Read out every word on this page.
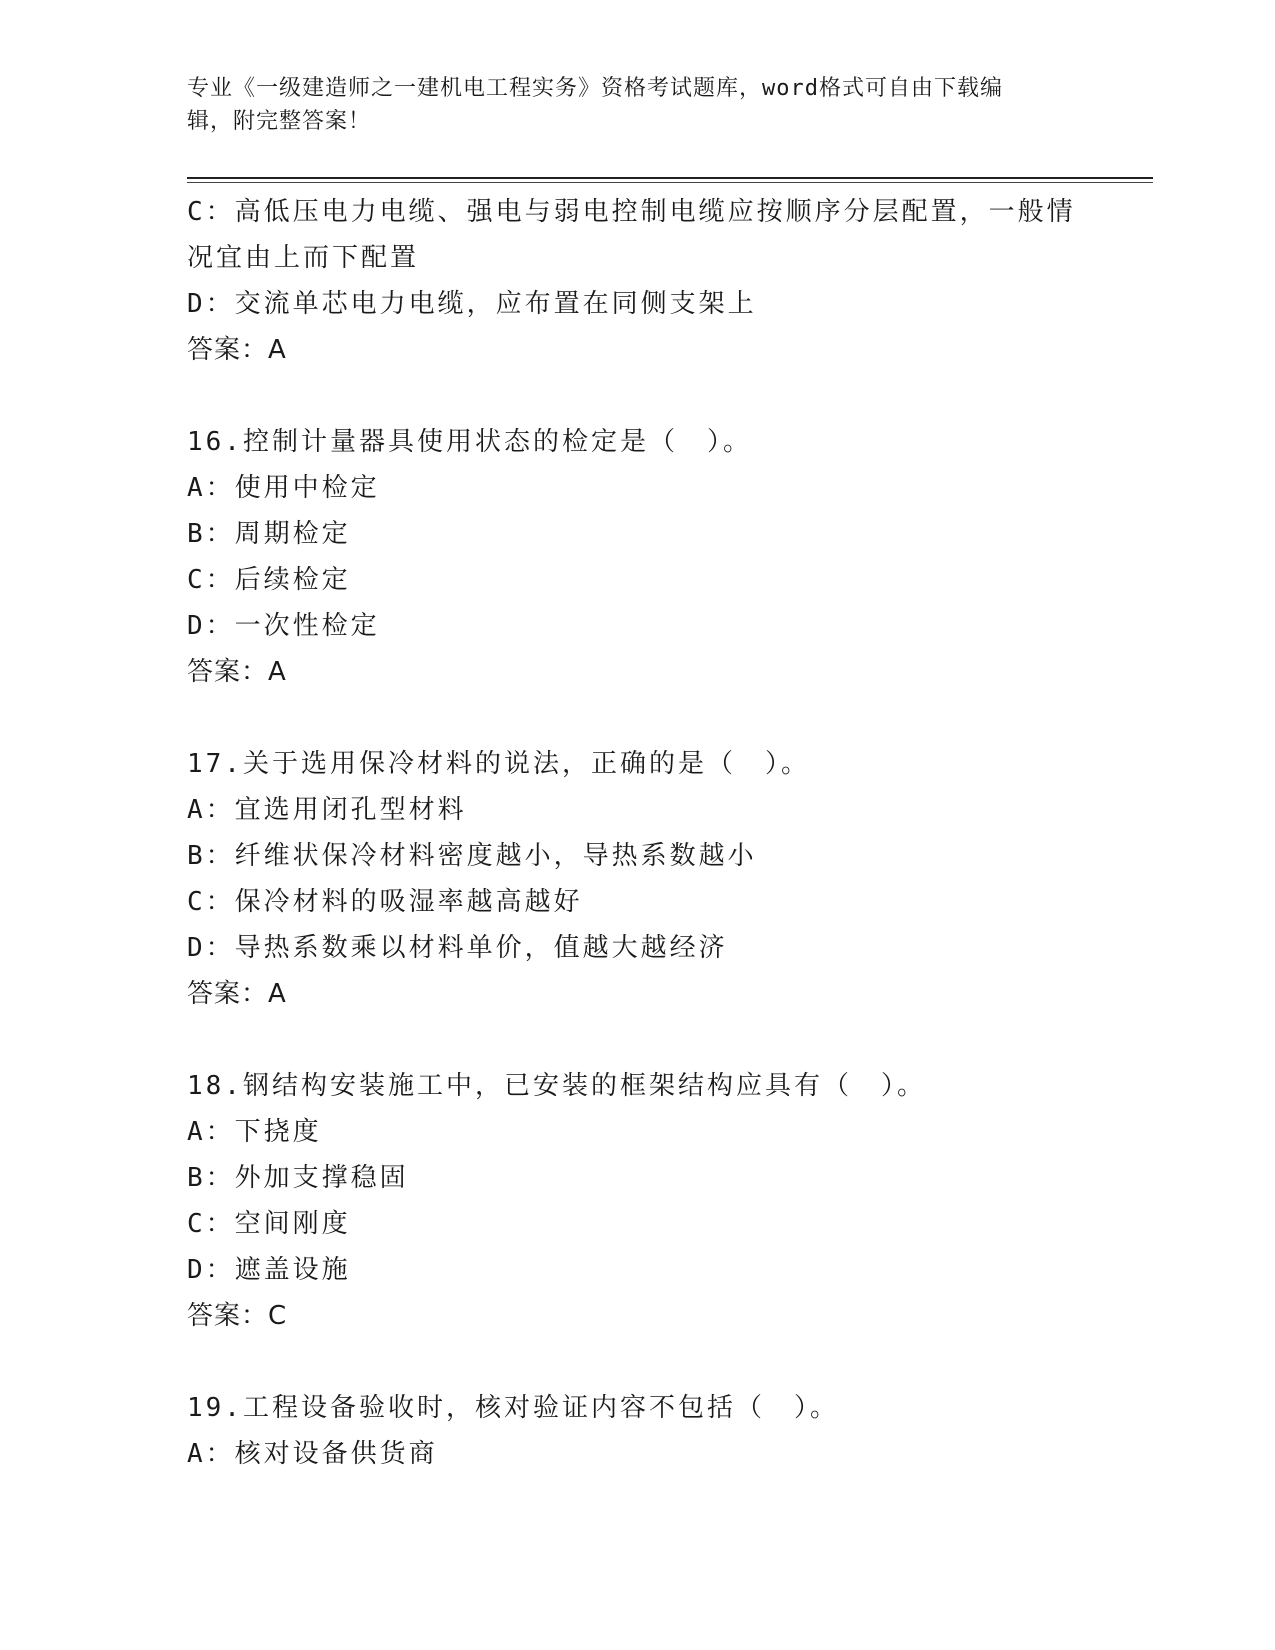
专业《一级建造师之一建机电工程实务》资格考试题库，word格式可自由下载编
辑，附完整答案！
C：高低压电力电缆、强电与弱电控制电缆应按顺序分层配置，一般情
况宜由上而下配置
D：交流单芯电力电缆，应布置在同侧支架上
答案：A
16.控制计量器具使用状态的检定是（　）。
A：使用中检定
B：周期检定
C：后续检定
D：一次性检定
答案：A
17.关于选用保冷材料的说法，正确的是（　）。
A：宜选用闭孔型材料
B：纤维状保冷材料密度越小，导热系数越小
C：保冷材料的吸湿率越高越好
D：导热系数乘以材料单价，值越大越经济
答案：A
18.钢结构安装施工中，已安装的框架结构应具有（　）。
A：下挠度
B：外加支撑稳固
C：空间刚度
D：遮盖设施
答案：C
19.工程设备验收时，核对验证内容不包括（　）。
A：核对设备供货商
